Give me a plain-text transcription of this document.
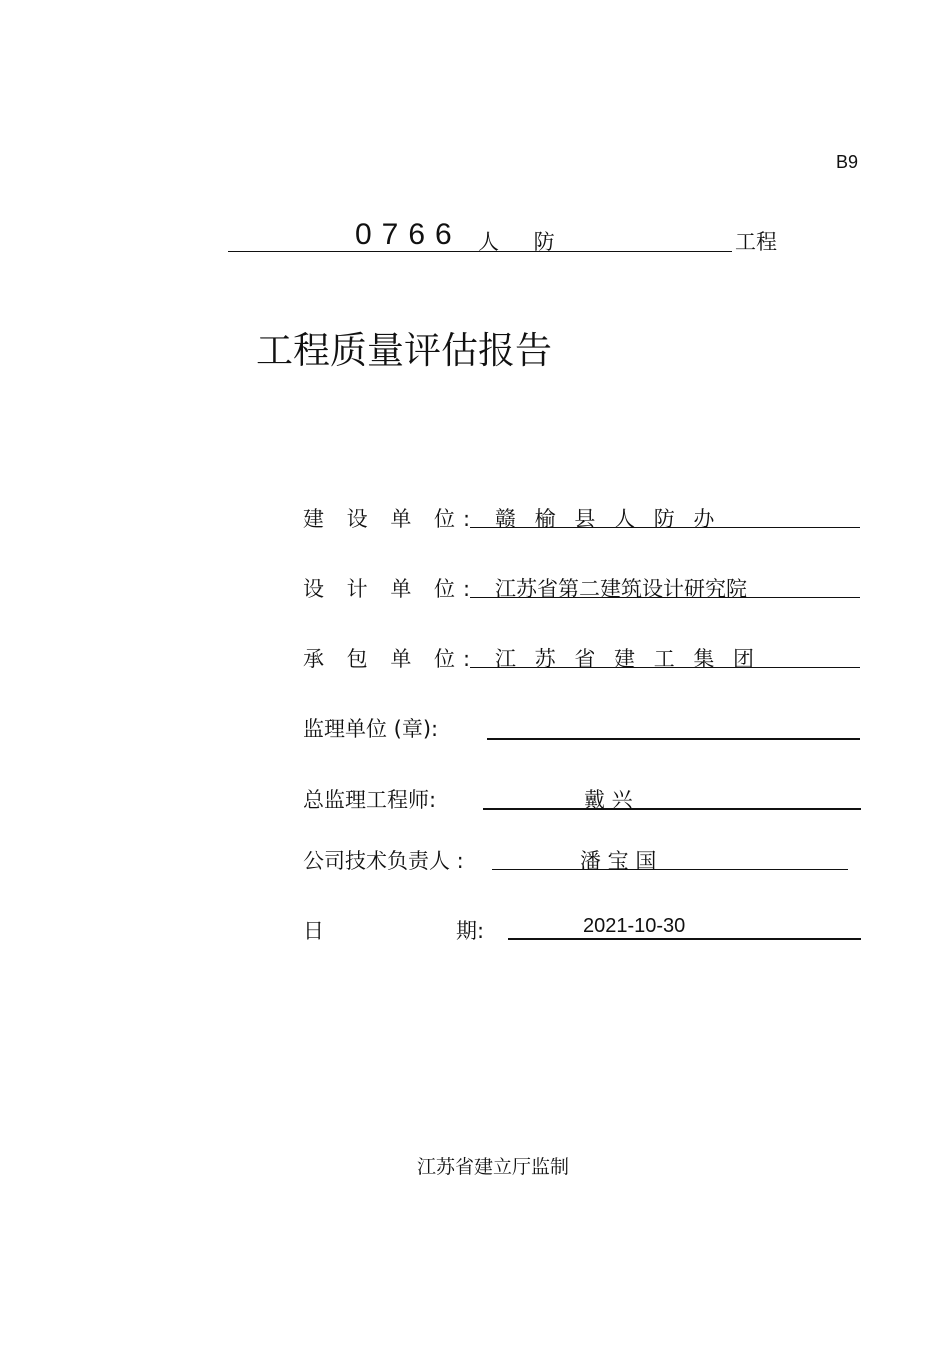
B9
0766 人 防	工程
工程质量评估报告
建 设 单 位: 赣 榆 县 人 防 办
设 计 单 位: 江苏省第二建筑设计研究院
承 包 单 位: 江 苏 省 建 工 集 团
监理单位 (章):
总监理工程师:	戴 兴
公司技术负责人 :	潘 宝 国
日	期:	2021-10-30
江苏省建立厅监制
